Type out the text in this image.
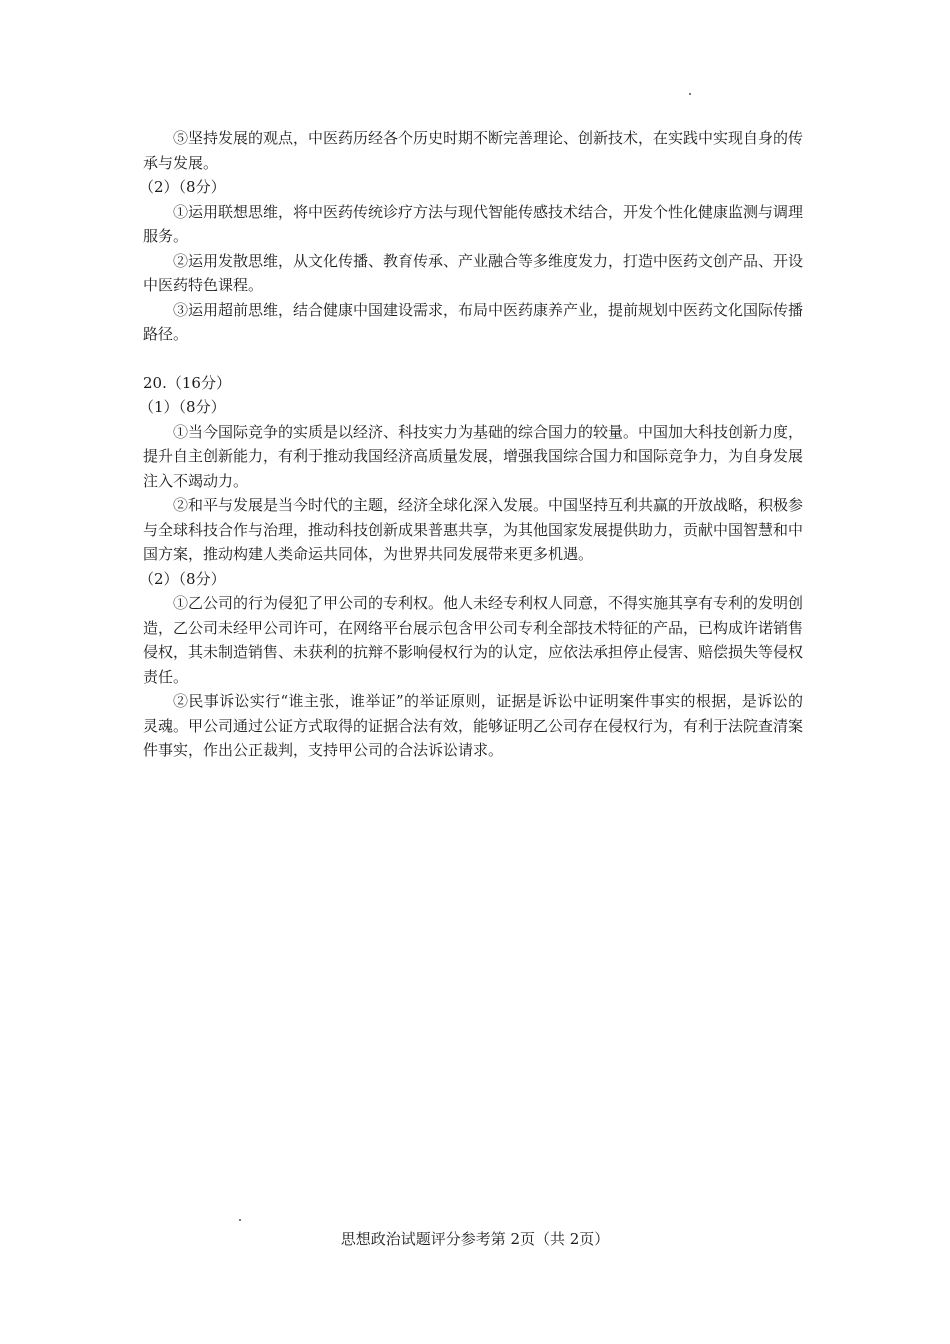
⑤坚持发展的观点，中医药历经各个历史时期不断完善理论、创新技术，在实践中实现自身的传承与发展。

（2）（8分）

①运用联想思维，将中医药传统诊疗方法与现代智能传感技术结合，开发个性化健康监测与调理服务。

②运用发散思维，从文化传播、教育传承、产业融合等多维度发力，打造中医药文创产品、开设中医药特色课程。

③运用超前思维，结合健康中国建设需求，布局中医药康养产业，提前规划中医药文化国际传播路径。

20.（16分）

（1）（8分）

①当今国际竞争的实质是以经济、科技实力为基础的综合国力的较量。中国加大科技创新力度，提升自主创新能力，有利于推动我国经济高质量发展，增强我国综合国力和国际竞争力，为自身发展注入不竭动力。

②和平与发展是当今时代的主题，经济全球化深入发展。中国坚持互利共赢的开放战略，积极参与全球科技合作与治理，推动科技创新成果普惠共享，为其他国家发展提供助力，贡献中国智慧和中国方案，推动构建人类命运共同体，为世界共同发展带来更多机遇。

（2）（8分）

①乙公司的行为侵犯了甲公司的专利权。他人未经专利权人同意，不得实施其享有专利的发明创造，乙公司未经甲公司许可，在网络平台展示包含甲公司专利全部技术特征的产品，已构成许诺销售侵权，其未制造销售、未获利的抗辩不影响侵权行为的认定，应依法承担停止侵害、赔偿损失等侵权责任。

②民事诉讼实行“谁主张，谁举证”的举证原则，证据是诉讼中证明案件事实的根据，是诉讼的灵魂。甲公司通过公证方式取得的证据合法有效，能够证明乙公司存在侵权行为，有利于法院查清案件事实，作出公正裁判，支持甲公司的合法诉讼请求。

思想政治试题评分参考第 2页（共 2页）
